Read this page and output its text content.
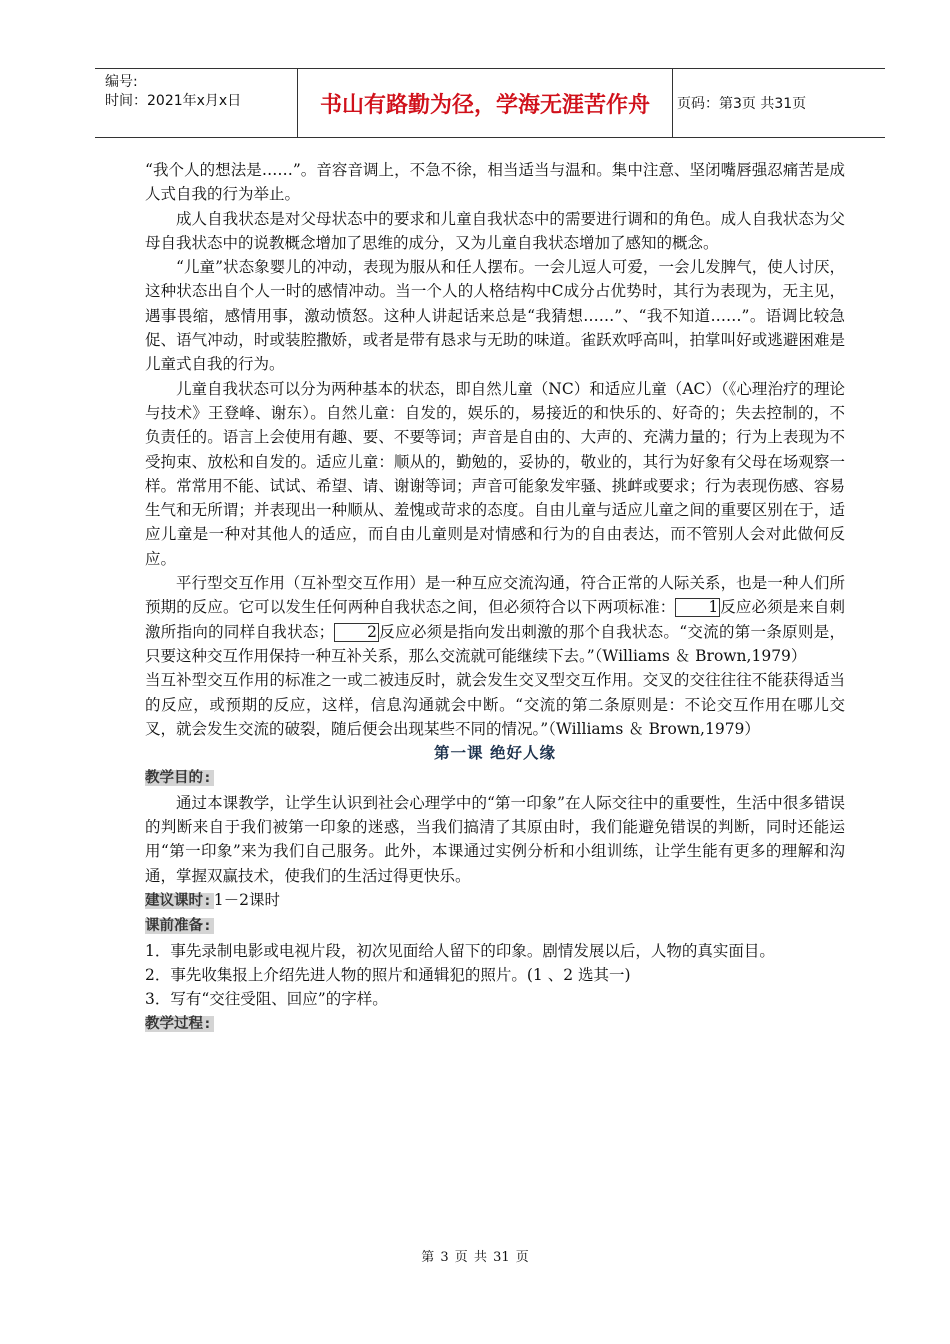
编号:
时间：2021年x月x日	书山有路勤为径，学海无涯苦作舟	页码：第3页 共31页

“我个人的想法是……”。音容音调上，不急不徐，相当适当与温和。集中注意、坚闭嘴唇强忍痛苦是成人式自我的行为举止。

成人自我状态是对父母状态中的要求和儿童自我状态中的需要进行调和的角色。成人自我状态为父母自我状态中的说教概念增加了思维的成分，又为儿童自我状态增加了感知的概念。

“儿童”状态象婴儿的冲动，表现为服从和任人摆布。一会儿逗人可爱，一会儿发脾气，使人讨厌，这种状态出自个人一时的感情冲动。当一个人的人格结构中C成分占优势时，其行为表现为，无主见，遇事畏缩，感情用事，激动愤怒。这种人讲起话来总是“我猜想……”、“我不知道……”。语调比较急促、语气冲动，时或装腔撒娇，或者是带有恳求与无助的味道。雀跃欢呼高叫，拍掌叫好或逃避困难是儿童式自我的行为。

儿童自我状态可以分为两种基本的状态，即自然儿童（NC）和适应儿童（AC）（《心理治疗的理论与技术》王登峰、谢东）。自然儿童：自发的，娱乐的，易接近的和快乐的、好奇的；失去控制的，不负责任的。语言上会使用有趣、要、不要等词；声音是自由的、大声的、充满力量的；行为上表现为不受拘束、放松和自发的。适应儿童：顺从的，勤勉的，妥协的，敬业的，其行为好象有父母在场观察一样。常常用不能、试试、希望、请、谢谢等词；声音可能象发牢骚、挑衅或要求；行为表现伤感、容易生气和无所谓；并表现出一种顺从、羞愧或苛求的态度。自由儿童与适应儿童之间的重要区别在于，适应儿童是一种对其他人的适应，而自由儿童则是对情感和行为的自由表达，而不管别人会对此做何反应。

平行型交互作用（互补型交互作用）是一种互应交流沟通，符合正常的人际关系，也是一种人们所预期的反应。它可以发生任何两种自我状态之间，但必须符合以下两项标准： 1 反应必须是来自刺激所指向的同样自我状态； 2 反应必须是指向发出刺激的那个自我状态。“交流的第一条原则是，只要这种交互作用保持一种互补关系，那么交流就可能继续下去。”（Williams ＆ Brown,1979）

当互补型交互作用的标准之一或二被违反时，就会发生交叉型交互作用。交叉的交往往往不能获得适当的反应，或预期的反应，这样，信息沟通就会中断。“交流的第二条原则是：不论交互作用在哪儿交叉，就会发生交流的破裂，随后便会出现某些不同的情况。”（Williams ＆ Brown,1979）

第一课 绝好人缘

教学目的:

通过本课教学，让学生认识到社会心理学中的“第一印象”在人际交往中的重要性，生活中很多错误的判断来自于我们被第一印象的迷惑，当我们搞清了其原由时，我们能避免错误的判断，同时还能运用“第一印象”来为我们自己服务。此外，本课通过实例分析和小组训练，让学生能有更多的理解和沟通，掌握双赢技术，使我们的生活过得更快乐。

建议课时: 1－2课时

课前准备:

1．事先录制电影或电视片段，初次见面给人留下的印象。剧情发展以后，人物的真实面目。

2．事先收集报上介绍先进人物的照片和通辑犯的照片。(1 、2 选其一)

3．写有“交往受阻、回应”的字样。

教学过程:

第 3 页 共 31 页
